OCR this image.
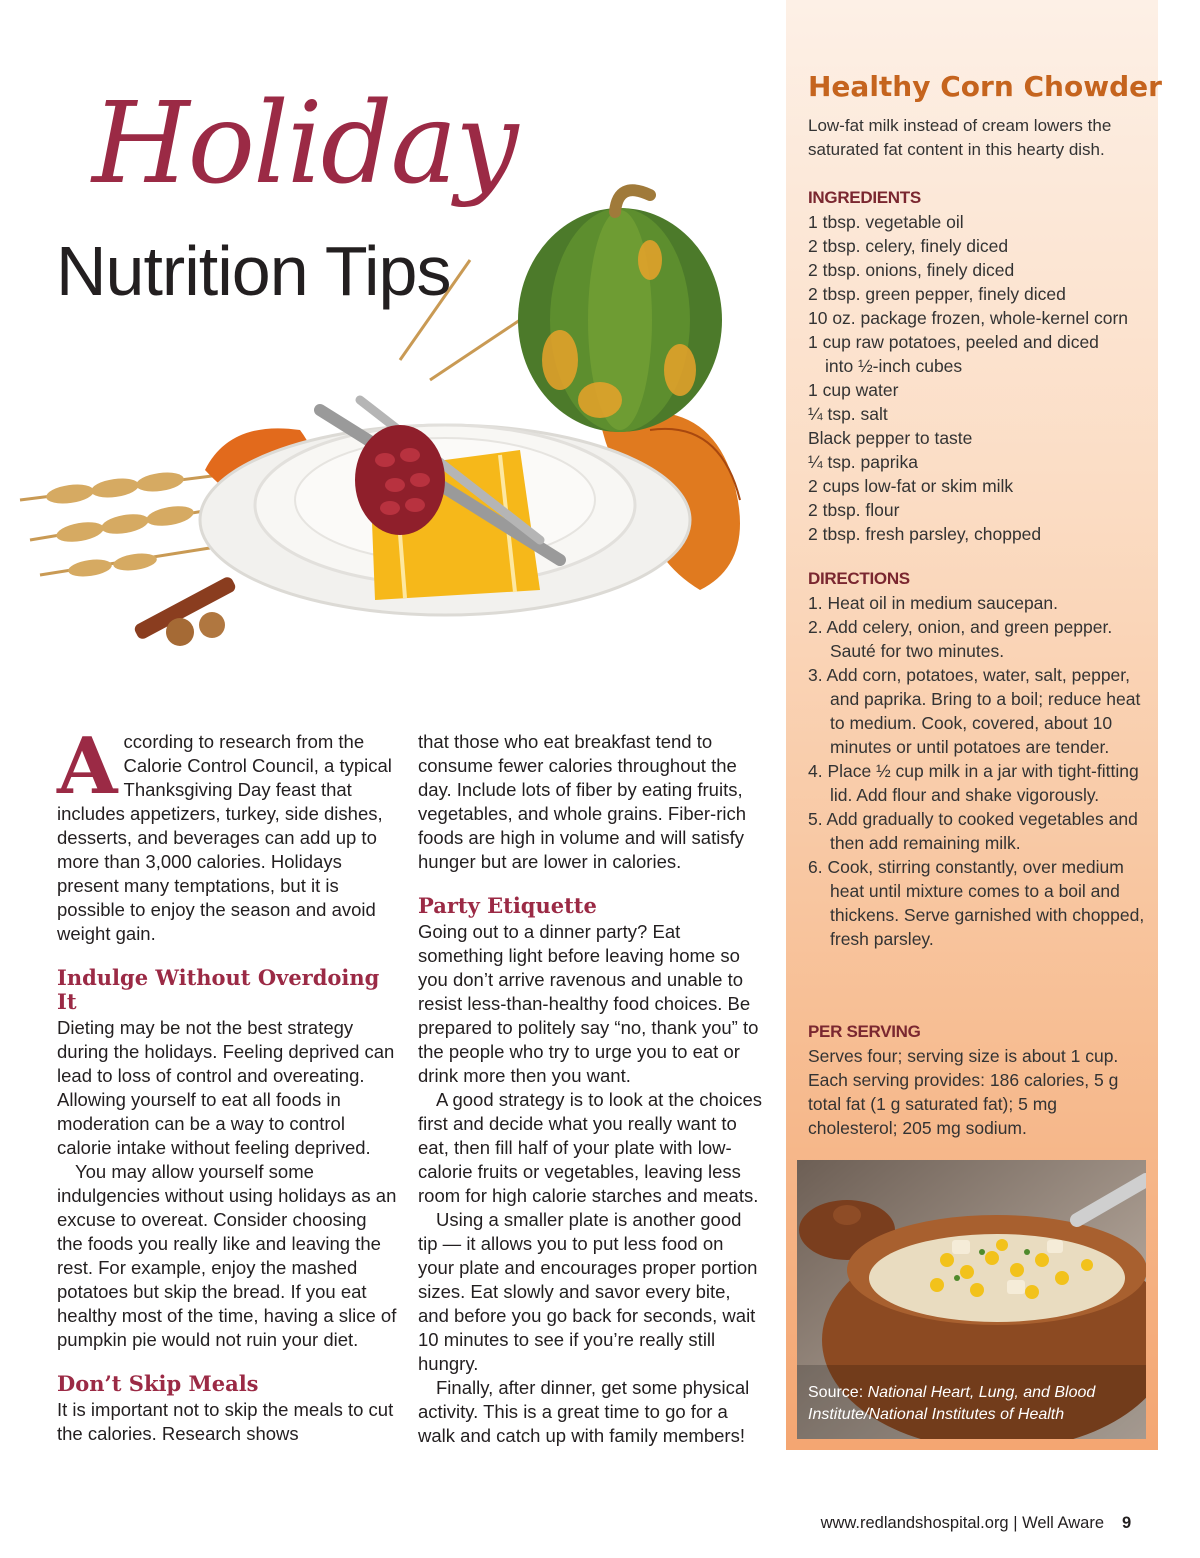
Holiday
Nutrition Tips

According to research from the Calorie Control Council, a typical Thanksgiving Day feast that includes appetizers, turkey, side dishes, desserts, and beverages can add up to more than 3,000 calories. Holidays present many temptations, but it is possible to enjoy the season and avoid weight gain.

Indulge Without Overdoing It

Dieting may be not the best strategy during the holidays. Feeling deprived can lead to loss of control and overeating. Allowing yourself to eat all foods in moderation can be a way to control calorie intake without feeling deprived.

You may allow yourself some indulgencies without using holidays as an excuse to overeat. Consider choosing the foods you really like and leaving the rest. For example, enjoy the mashed potatoes but skip the bread. If you eat healthy most of the time, having a slice of pumpkin pie would not ruin your diet.

Don’t Skip Meals

It is important not to skip the meals to cut the calories. Research shows

that those who eat breakfast tend to consume fewer calories throughout the day. Include lots of fiber by eating fruits, vegetables, and whole grains. Fiber-rich foods are high in volume and will satisfy hunger but are lower in calories.

Party Etiquette

Going out to a dinner party? Eat something light before leaving home so you don’t arrive ravenous and unable to resist less-than-healthy food choices. Be prepared to politely say “no, thank you” to the people who try to urge you to eat or drink more then you want.

A good strategy is to look at the choices first and decide what you really want to eat, then fill half of your plate with low-calorie fruits or vegetables, leaving less room for high calorie starches and meats.

Using a smaller plate is another good tip — it allows you to put less food on your plate and encourages proper portion sizes. Eat slowly and savor every bite, and before you go back for seconds, wait 10 minutes to see if you’re really still hungry.

Finally, after dinner, get some physical activity. This is a great time to go for a walk and catch up with family members!

Healthy Corn Chowder
Low-fat milk instead of cream lowers the saturated fat content in this hearty dish.
INGREDIENTS
1 tbsp. vegetable oil
2 tbsp. celery, finely diced
2 tbsp. onions, finely diced
2 tbsp. green pepper, finely diced
10 oz. package frozen, whole-kernel corn
1 cup raw potatoes, peeled and diced
into ½-inch cubes
1 cup water
¼ tsp. salt
Black pepper to taste
¼ tsp. paprika
2 cups low-fat or skim milk
2 tbsp. flour
2 tbsp. fresh parsley, chopped
DIRECTIONS
1. Heat oil in medium saucepan.
2. Add celery, onion, and green pepper. Sauté for two minutes.
3. Add corn, potatoes, water, salt, pepper, and paprika. Bring to a boil; reduce heat to medium. Cook, covered, about 10 minutes or until potatoes are tender.
4. Place ½ cup milk in a jar with tight-fitting lid. Add flour and shake vigorously.
5. Add gradually to cooked vegetables and then add remaining milk.
6. Cook, stirring constantly, over medium heat until mixture comes to a boil and thickens. Serve garnished with chopped, fresh parsley.
PER SERVING
Serves four; serving size is about 1 cup. Each serving provides: 186 calories, 5 g total fat (1 g saturated fat); 5 mg cholesterol; 205 mg sodium.
Source: National Heart, Lung, and Blood Institute/National Institutes of Health
www.redlandshospital.org | Well Aware 9
